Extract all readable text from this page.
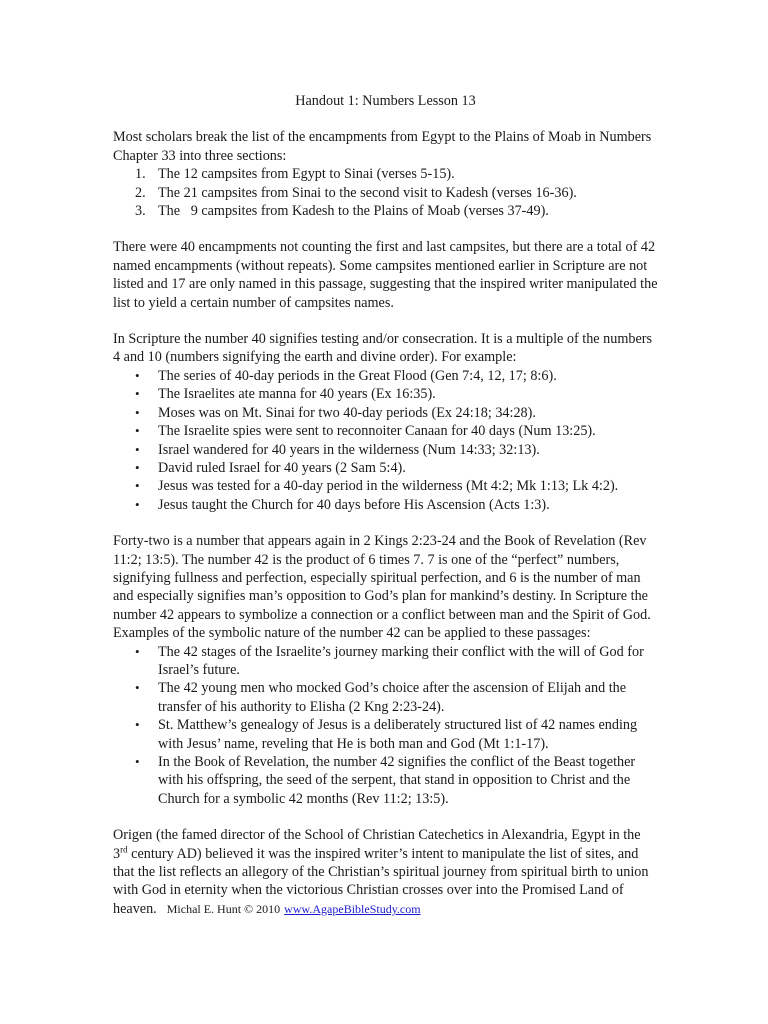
Handout 1: Numbers Lesson 13

Most scholars break the list of the encampments from Egypt to the Plains of Moab in Numbers Chapter 33 into three sections:

1. The 12 campsites from Egypt to Sinai (verses 5-15).
2. The 21 campsites from Sinai to the second visit to Kadesh (verses 16-36).
3. The   9 campsites from Kadesh to the Plains of Moab (verses 37-49).

There were 40 encampments not counting the first and last campsites, but there are a total of 42 named encampments (without repeats). Some campsites mentioned earlier in Scripture are not listed and 17 are only named in this passage, suggesting that the inspired writer manipulated the list to yield a certain number of campsites names.

In Scripture the number 40 signifies testing and/or consecration. It is a multiple of the numbers 4 and 10 (numbers signifying the earth and divine order). For example:

• The series of 40-day periods in the Great Flood (Gen 7:4, 12, 17; 8:6).
• The Israelites ate manna for 40 years (Ex 16:35).
• Moses was on Mt. Sinai for two 40-day periods (Ex 24:18; 34:28).
• The Israelite spies were sent to reconnoiter Canaan for 40 days (Num 13:25).
• Israel wandered for 40 years in the wilderness (Num 14:33; 32:13).
• David ruled Israel for 40 years (2 Sam 5:4).
• Jesus was tested for a 40-day period in the wilderness (Mt 4:2; Mk 1:13; Lk 4:2).
• Jesus taught the Church for 40 days before His Ascension (Acts 1:3).

Forty-two is a number that appears again in 2 Kings 2:23-24 and the Book of Revelation (Rev 11:2; 13:5). The number 42 is the product of 6 times 7. 7 is one of the “perfect” numbers, signifying fullness and perfection, especially spiritual perfection, and 6 is the number of man and especially signifies man’s opposition to God’s plan for mankind’s destiny. In Scripture the number 42 appears to symbolize a connection or a conflict between man and the Spirit of God. Examples of the symbolic nature of the number 42 can be applied to these passages:

• The 42 stages of the Israelite’s journey marking their conflict with the will of God for Israel’s future.
• The 42 young men who mocked God’s choice after the ascension of Elijah and the transfer of his authority to Elisha (2 Kng 2:23-24).
• St. Matthew’s genealogy of Jesus is a deliberately structured list of 42 names ending with Jesus’ name, reveling that He is both man and God (Mt 1:1-17).
• In the Book of Revelation, the number 42 signifies the conflict of the Beast together with his offspring, the seed of the serpent, that stand in opposition to Christ and the Church for a symbolic 42 months (Rev 11:2; 13:5).

Origen (the famed director of the School of Christian Catechetics in Alexandria, Egypt in the 3rd century AD) believed it was the inspired writer’s intent to manipulate the list of sites, and that the list reflects an allegory of the Christian’s spiritual journey from spiritual birth to union with God in eternity when the victorious Christian crosses over into the Promised Land of heaven. Michal E. Hunt © 2010 www.AgapeBibleStudy.com
